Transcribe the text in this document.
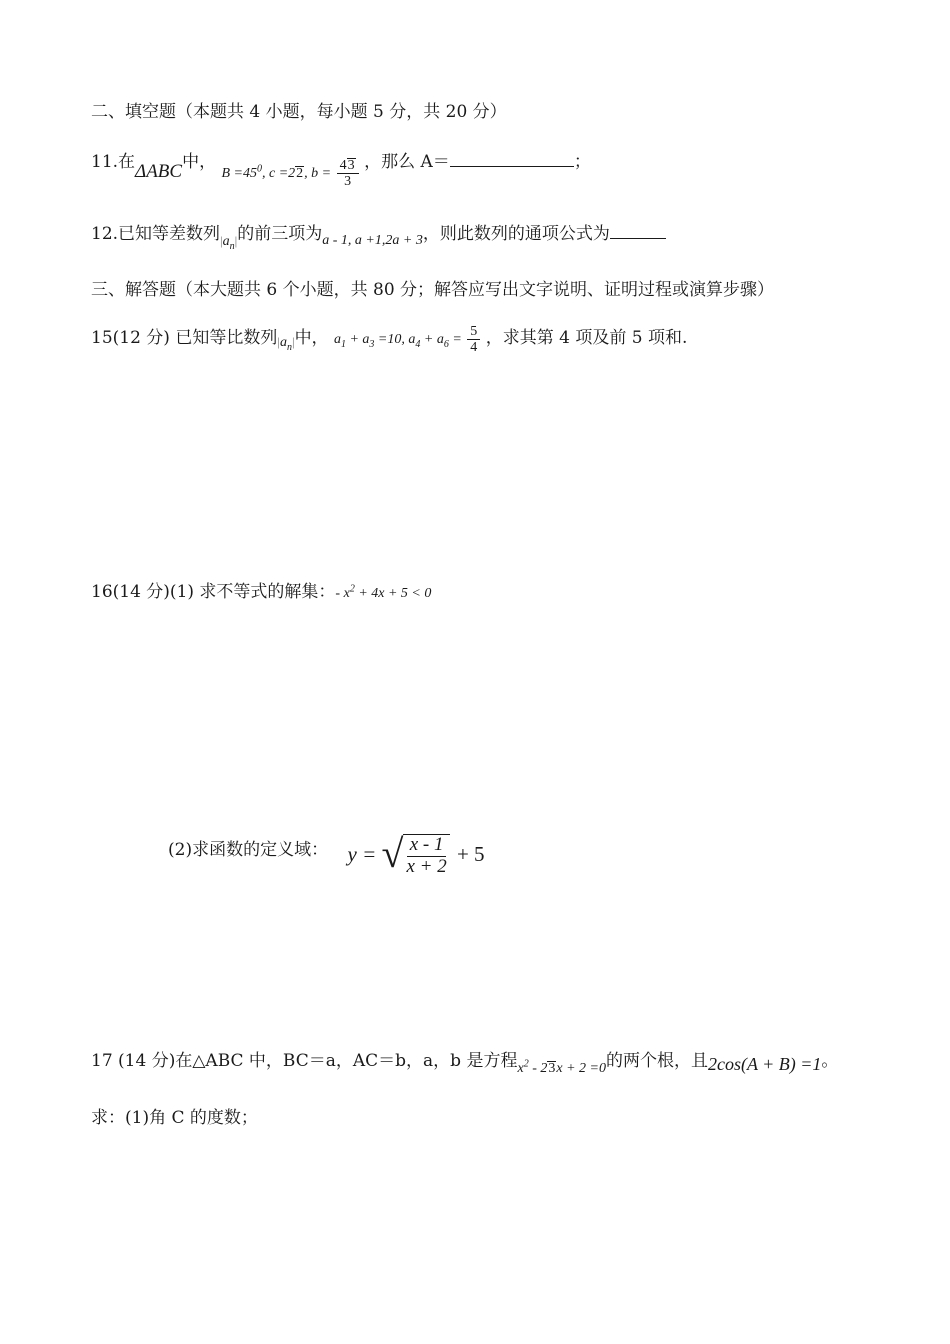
二、填空题（本题共 4 小题，每小题 5 分，共 20 分）
11.在ΔABC中， $_{B =45^0, c =22, b = \frac{43}{3}}$ ，那么 A＝	；
12.已知等差数列$_{|a_n|}$的前三项为$_{a - 1, a +1,2a + 3}$，则此数列的通项公式为
三、解答题（本大题共 6 个小题，共 80 分；解答应写出文字说明、证明过程或演算步骤）
15(12 分) 已知等比数列$|a_n|$中， $a_1 + a_3 =10$, $a_4 + a_6 = \frac{5}{4}$ ，求其第 4 项及前 5 项和.
16(14 分)(1) 求不等式的解集：- $x^2 + 4x + 5 < 0$
(2)求函数的定义域： y = √ $\frac{x - 1}{x + 2} + 5$
17 (14 分)在△ABC 中，BC＝a，AC＝b，a，b 是方程$_{x^2 - 23x + 2 =0}$的两个根，且2cos(A + B) =1。
求：(1)角 C 的度数；
